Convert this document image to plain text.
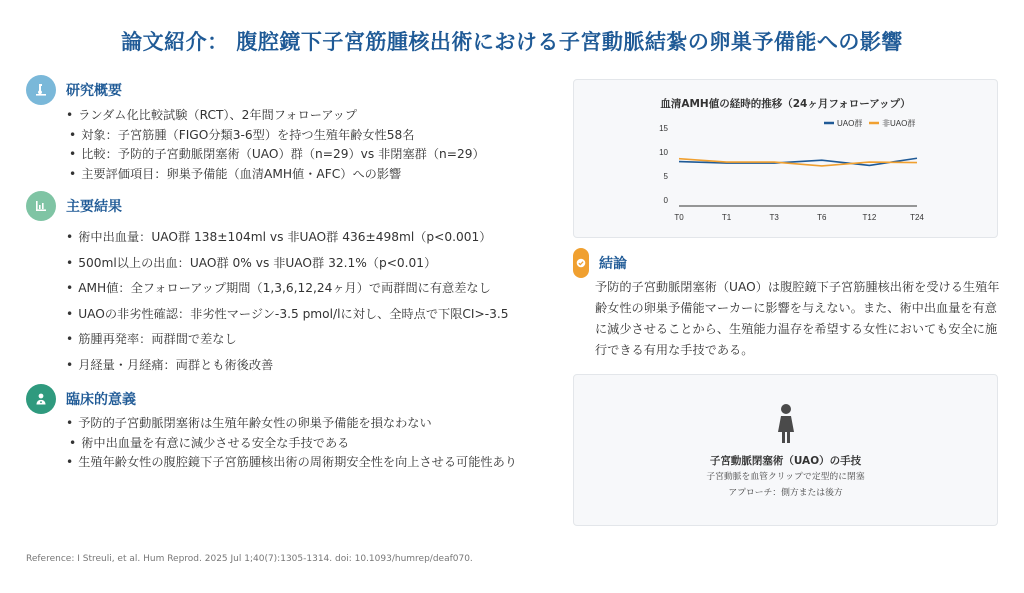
論文紹介： 腹腔鏡下子宮筋腫核出術における子宮動脈結紮の卵巣予備能への影響
研究概要
• ランダム化比較試験（RCT）、2年間フォローアップ
• 対象：子宮筋腫（FIGO分類3-6型）を持つ生殖年齢女性58名
• 比較：予防的子宮動脈閉塞術（UAO）群（n=29）vs 非閉塞群（n=29）
• 主要評価項目：卵巣予備能（血清AMH値・AFC）への影響
主要結果
• 術中出血量：UAO群 138±104ml vs 非UAO群 436±498ml（p<0.001）
• 500ml以上の出血：UAO群 0% vs 非UAO群 32.1%（p<0.01）
• AMH値：全フォローアップ期間（1,3,6,12,24ヶ月）で両群間に有意差なし
• UAOの非劣性確認：非劣性マージン-3.5 pmol/lに対し、全時点で下限CI>-3.5
• 筋腫再発率：両群間で差なし
• 月経量・月経痛：両群とも術後改善
臨床的意義
• 予防的子宮動脈閉塞術は生殖年齢女性の卵巣予備能を損なわない
• 術中出血量を有意に減少させる安全な手技である
• 生殖年齢女性の腹腔鏡下子宮筋腫核出術の周術期安全性を向上させる可能性あり
血清AMH値の経時的推移（24ヶ月フォローアップ）
0
5
10
15
T0	T1	T3	T6	T12	T24
UAO群 非UAO群
結論
予防的子宮動脈閉塞術（UAO）は腹腔鏡下子宮筋腫核出術を受ける生殖年齢女性の卵巣予備能マーカーに影響を与えない。また、術中出血量を有意に減少させることから、生殖能力温存を希望する女性においても安全に施行できる有用な手技である。
子宮動脈閉塞術（UAO）の手技
子宮動脈を血管クリップで定型的に閉塞
アプローチ：側方または後方
Reference: I Streuli, et al. Hum Reprod. 2025 Jul 1;40(7):1305-1314. doi: 10.1093/humrep/deaf070.
